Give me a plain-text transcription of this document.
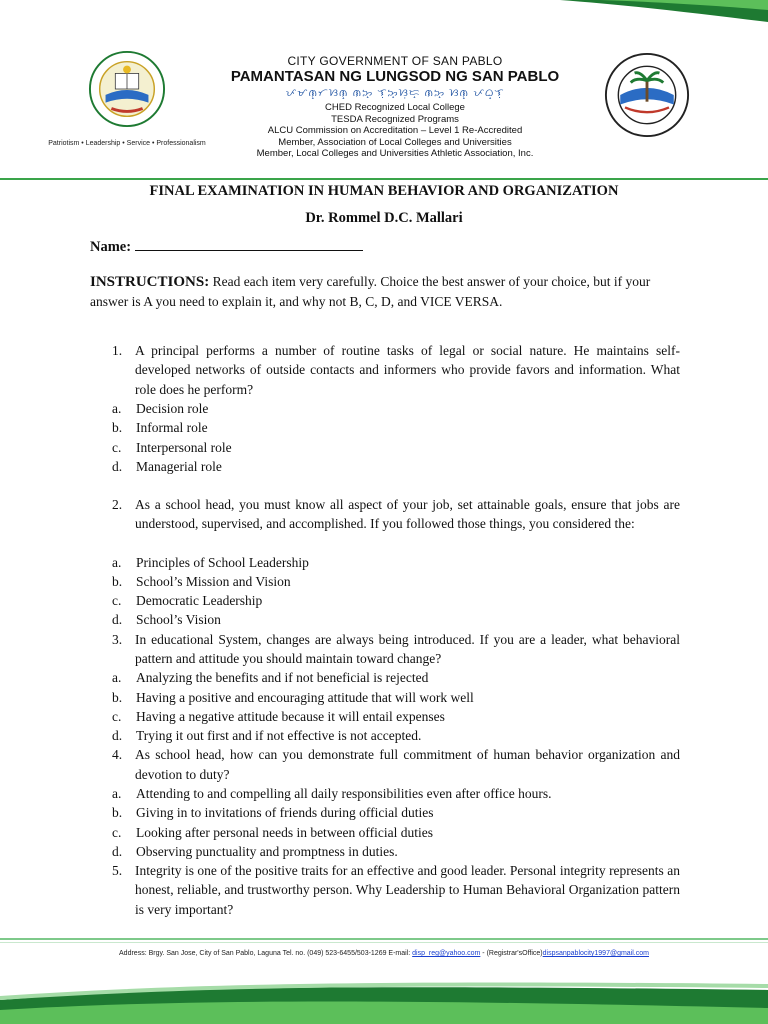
Patriotism • Leadership • Service • Professionalism
CITY GOVERNMENT OF SAN PABLO
PAMANTASAN NG LUNGSOD NG SAN PABLO
ᜉᜋᜈ᜔ᜆᜐᜈ᜔ ᜈᜅ᜔ ᜎᜓᜅ᜔ᜐᜓᜇ᜔ ᜈᜅ᜔ ᜐᜈ᜔ ᜉᜊ᜔ᜎᜓ
CHED Recognized Local College
TESDA Recognized Programs
ALCU Commission on Accreditation – Level 1 Re-Accredited
Member, Association of Local Colleges and Universities
Member, Local Colleges and Universities Athletic Association, Inc.
FINAL EXAMINATION IN HUMAN BEHAVIOR AND ORGANIZATION
Dr. Rommel D.C. Mallari
Name:
INSTRUCTIONS: Read each item very carefully. Choice the best answer of your choice, but if your answer is A you need to explain it, and why not B, C, D, and VICE VERSA.
1. A principal performs a number of routine tasks of legal or social nature. He maintains self-developed networks of outside contacts and informers who provide favors and information. What role does he perform?
a. Decision role
b. Informal role
c. Interpersonal role
d. Managerial role
2. As a school head, you must know all aspect of your job, set attainable goals, ensure that jobs are understood, supervised, and accomplished. If you followed those things, you considered the:
a. Principles of School Leadership
b. School’s Mission and Vision
c. Democratic Leadership
d. School’s Vision
3. In educational System, changes are always being introduced. If you are a leader, what behavioral pattern and attitude you should maintain toward change?
a. Analyzing the benefits and if not beneficial is rejected
b. Having a positive and encouraging attitude that will work well
c. Having a negative attitude because it will entail expenses
d. Trying it out first and if not effective is not accepted.
4. As school head, how can you demonstrate full commitment of human behavior organization and devotion to duty?
a. Attending to and compelling all daily responsibilities even after office hours.
b. Giving in to invitations of friends during official duties
c. Looking after personal needs in between official duties
d. Observing punctuality and promptness in duties.
5. Integrity is one of the positive traits for an effective and good leader. Personal integrity represents an honest, reliable, and trustworthy person. Why Leadership to Human Behavioral Organization pattern is very important?
Address: Brgy. San Jose, City of San Pablo, Laguna Tel. no. (049) 523-6455/503-1269 E-mail: disp_reg@yahoo.com - (Registrar'sOffice)dispsanpablocity1997@gmail.com
